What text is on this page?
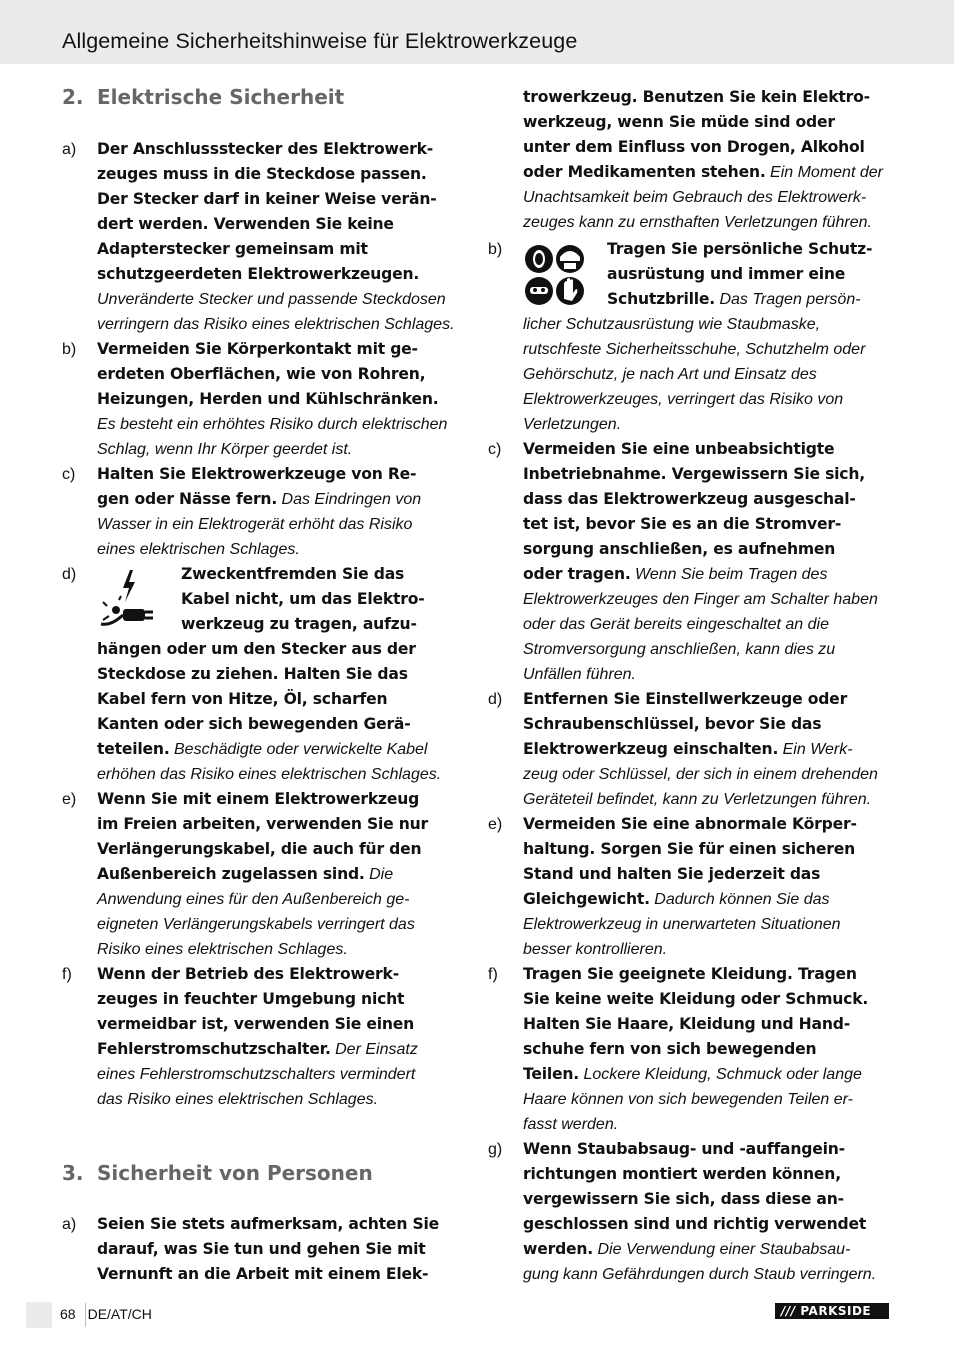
Allgemeine Sicherheitshinweise für Elektrowerkzeuge
2. Elektrische Sicherheit
a) Der Anschlussstecker des Elektrowerk-
zeuges muss in die Steckdose passen.
Der Stecker darf in keiner Weise verän-
dert werden. Verwenden Sie keine
Adapterstecker gemeinsam mit
schutzgeerdeten Elektrowerkzeugen.
Unveränderte Stecker und passende Steckdosen
verringern das Risiko eines elektrischen Schlages.
b) Vermeiden Sie Körperkontakt mit ge-
erdeten Oberflächen, wie von Rohren,
Heizungen, Herden und Kühlschränken.
Es besteht ein erhöhtes Risiko durch elektrischen
Schlag, wenn Ihr Körper geerdet ist.
c) Halten Sie Elektrowerkzeuge von Re-
gen oder Nässe fern. Das Eindringen von
Wasser in ein Elektrogerät erhöht das Risiko
eines elektrischen Schlages.
d)	Zweckentfremden Sie das
Kabel nicht, um das Elektro-
werkzeug zu tragen, aufzu-
hängen oder um den Stecker aus der
Steckdose zu ziehen. Halten Sie das
Kabel fern von Hitze, Öl, scharfen
Kanten oder sich bewegenden Gerä-
teteilen. Beschädigte oder verwickelte Kabel
erhöhen das Risiko eines elektrischen Schlages.
e) Wenn Sie mit einem Elektrowerkzeug
im Freien arbeiten, verwenden Sie nur
Verlängerungskabel, die auch für den
Außenbereich zugelassen sind. Die
Anwendung eines für den Außenbereich ge-
eigneten Verlängerungskabels verringert das
Risiko eines elektrischen Schlages.
f) Wenn der Betrieb des Elektrowerk-
zeuges in feuchter Umgebung nicht
vermeidbar ist, verwenden Sie einen
Fehlerstromschutzschalter. Der Einsatz
eines Fehlerstromschutzschalters vermindert
das Risiko eines elektrischen Schlages.
3. Sicherheit von Personen
a) Seien Sie stets aufmerksam, achten Sie
darauf, was Sie tun und gehen Sie mit
Vernunft an die Arbeit mit einem Elek-
trowerkzeug. Benutzen Sie kein Elektro-
werkzeug, wenn Sie müde sind oder
unter dem Einfluss von Drogen, Alkohol
oder Medikamenten stehen. Ein Moment der
Unachtsamkeit beim Gebrauch des Elektrowerk-
zeuges kann zu ernsthaften Verletzungen führen.
b)	Tragen Sie persönliche Schutz-
ausrüstung und immer eine
Schutzbrille. Das Tragen persön-
licher Schutzausrüstung wie Staubmaske,
rutschfeste Sicherheitsschuhe, Schutzhelm oder
Gehörschutz, je nach Art und Einsatz des
Elektrowerkzeuges, verringert das Risiko von
Verletzungen.
c) Vermeiden Sie eine unbeabsichtigte
Inbetriebnahme. Vergewissern Sie sich,
dass das Elektrowerkzeug ausgeschal-
tet ist, bevor Sie es an die Stromver-
sorgung anschließen, es aufnehmen
oder tragen. Wenn Sie beim Tragen des
Elektrowerkzeuges den Finger am Schalter haben
oder das Gerät bereits eingeschaltet an die
Stromversorgung anschließen, kann dies zu
Unfällen führen.
d) Entfernen Sie Einstellwerkzeuge oder
Schraubenschlüssel, bevor Sie das
Elektrowerkzeug einschalten. Ein Werk-
zeug oder Schlüssel, der sich in einem drehenden
Geräteteil befindet, kann zu Verletzungen führen.
e) Vermeiden Sie eine abnormale Körper-
haltung. Sorgen Sie für einen sicheren
Stand und halten Sie jederzeit das
Gleichgewicht. Dadurch können Sie das
Elektrowerkzeug in unerwarteten Situationen
besser kontrollieren.
f) Tragen Sie geeignete Kleidung. Tragen
Sie keine weite Kleidung oder Schmuck.
Halten Sie Haare, Kleidung und Hand-
schuhe fern von sich bewegenden
Teilen. Lockere Kleidung, Schmuck oder lange
Haare können von sich bewegenden Teilen er-
fasst werden.
g) Wenn Staubabsaug- und -auffangein-
richtungen montiert werden können,
vergewissern Sie sich, dass diese an-
geschlossen sind und richtig verwendet
werden. Die Verwendung einer Staubabsau-
gung kann Gefährdungen durch Staub verringern.
68 DE/AT/CH	/// PARKSIDE
